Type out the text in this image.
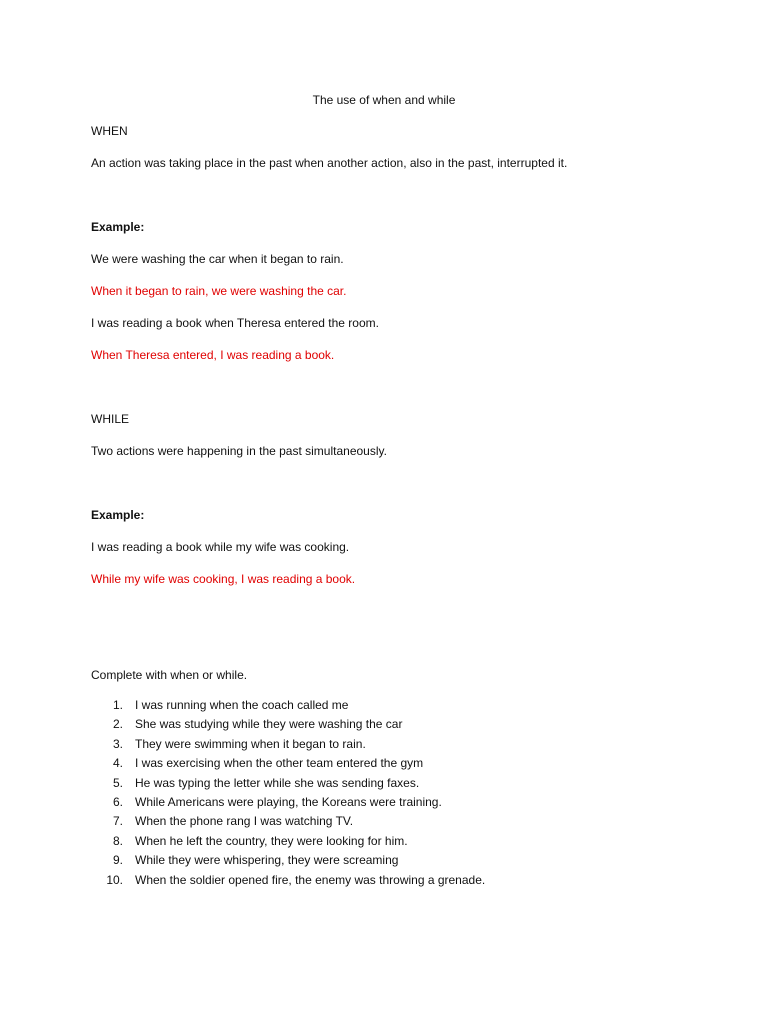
The use of when and while
WHEN
An action was taking place in the past when another action, also in the past, interrupted it.
Example:
We were washing the car when it began to rain.
When it began to rain, we were washing the car.
I was reading a book when Theresa entered the room.
When Theresa entered, I was reading a book.
WHILE
Two actions were happening in the past simultaneously.
Example:
I was reading a book while my wife was cooking.
While my wife was cooking, I was reading a book.
Complete with when or while.
1. I was running when the coach called me
2. She was studying while they were washing the car
3. They were swimming when it began to rain.
4. I was exercising when the other team entered the gym
5. He was typing the letter while she was sending faxes.
6. While Americans were playing, the Koreans were training.
7. When the phone rang I was watching TV.
8. When he left the country, they were looking for him.
9. While they were whispering, they were screaming
10. When the soldier opened fire, the enemy was throwing a grenade.
